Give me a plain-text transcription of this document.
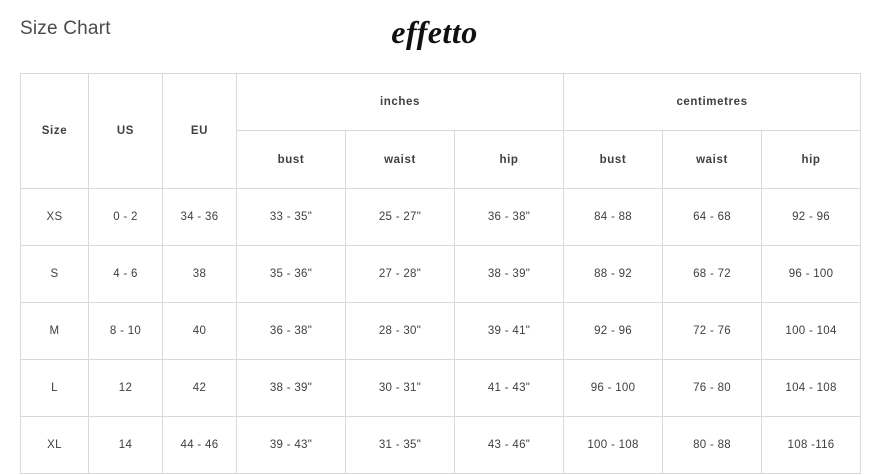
Size Chart	effetto
Size	US	EU	inches			centimetres		
			bust	waist	hip	bust	waist	hip
XS	0 - 2	34 - 36	33 - 35"	25 - 27"	36 - 38"	84 - 88	64 - 68	92 - 96
S	4 - 6	38	35 - 36"	27 - 28"	38 - 39"	88 - 92	68 - 72	96 - 100
M	8 - 10	40	36 - 38"	28 - 30"	39 - 41"	92 - 96	72 - 76	100 - 104
L	12	42	38 - 39"	30 - 31"	41 - 43"	96 - 100	76 - 80	104 - 108
XL	14	44 - 46	39 - 43"	31 - 35"	43 - 46"	100 - 108	80 - 88	108 -116
